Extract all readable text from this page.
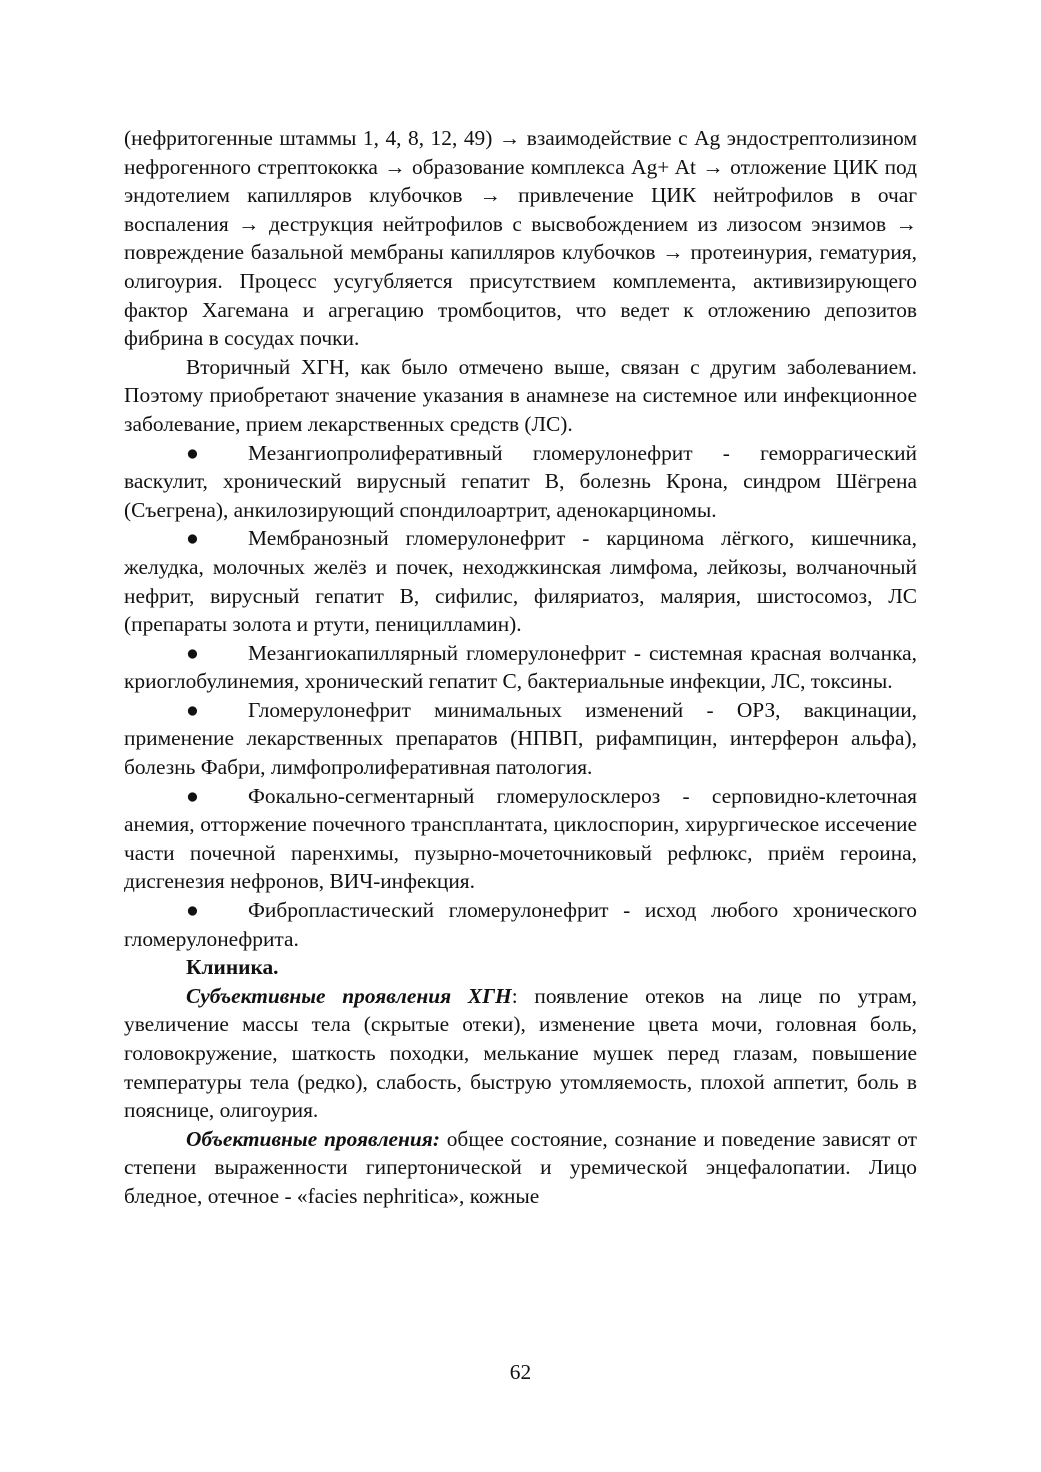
(нефритогенные штаммы 1, 4, 8, 12, 49) → взаимодействие с Ag эндострептолизином нефрогенного стрептококка → образование комплекса Ag+ At → отложение ЦИК под эндотелием капилляров клубочков → привлечение ЦИК нейтрофилов в очаг воспаления → деструкция нейтрофилов с высвобождением из лизосом энзимов → повреждение базальной мембраны капилляров клубочков → протеинурия, гематурия, олигоурия. Процесс усугубляется присутствием комплемента, активизирующего фактор Хагемана и агрегацию тромбоцитов, что ведет к отложению депозитов фибрина в сосудах почки.

Вторичный ХГН, как было отмечено выше, связан с другим заболеванием. Поэтому приобретают значение указания в анамнезе на системное или инфекционное заболевание, прием лекарственных средств (ЛС).

● Мезангиопролиферативный гломерулонефрит - геморрагический васкулит, хронический вирусный гепатит В, болезнь Крона, синдром Шёгрена (Съегрена), анкилозирующий спондилоартрит, аденокарциномы.

● Мембранозный гломерулонефрит - карцинома лёгкого, кишечника, желудка, молочных желёз и почек, неходжкинская лимфома, лейкозы, волчаночный нефрит, вирусный гепатит В, сифилис, филяриатоз, малярия, шистосомоз, ЛС (препараты золота и ртути, пеницилламин).

● Мезангиокапиллярный гломерулонефрит - системная красная волчанка, криоглобулинемия, хронический гепатит С, бактериальные инфекции, ЛС, токсины.

● Гломерулонефрит минимальных изменений - ОРЗ, вакцинации, применение лекарственных препаратов (НПВП, рифампицин, интерферон альфа), болезнь Фабри, лимфопролиферативная патология.

● Фокально-сегментарный гломерулосклероз - серповидно-клеточная анемия, отторжение почечного трансплантата, циклоспорин, хирургическое иссечение части почечной паренхимы, пузырно-мочеточниковый рефлюкс, приём героина, дисгенезия нефронов, ВИЧ-инфекция.

● Фибропластический гломерулонефрит - исход любого хронического гломерулонефрита.

Клиника.

Субъективные проявления ХГН: появление отеков на лице по утрам, увеличение массы тела (скрытые отеки), изменение цвета мочи, головная боль, головокружение, шаткость походки, мелькание мушек перед глазам, повышение температуры тела (редко), слабость, быструю утомляемость, плохой аппетит, боль в пояснице, олигоурия.

Объективные проявления: общее состояние, сознание и поведение зависят от степени выраженности гипертонической и уремической энцефалопатии. Лицо бледное, отечное - «facies nephritica», кожные

62
